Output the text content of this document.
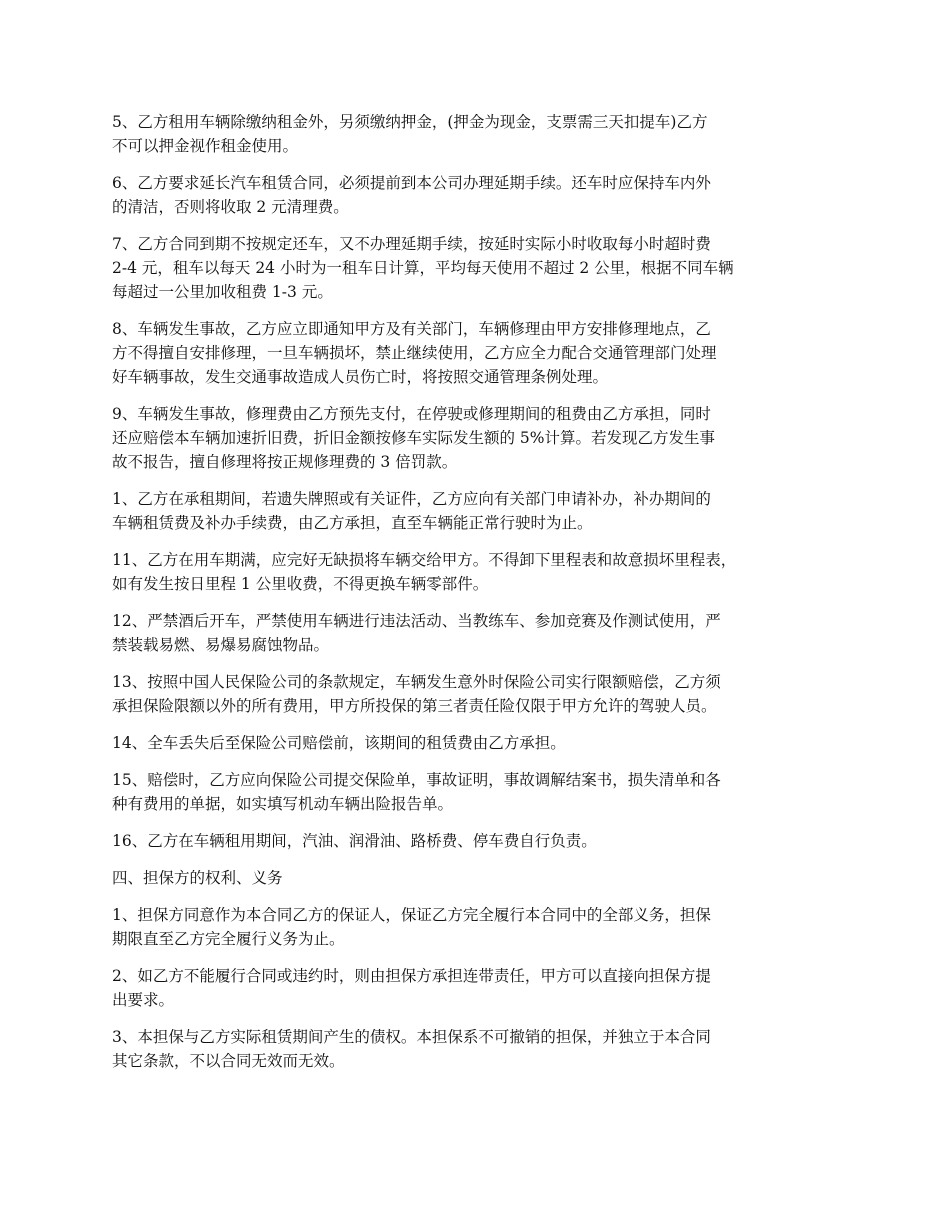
5、乙方租用车辆除缴纳租金外，另须缴纳押金，(押金为现金，支票需三天扣提车)乙方
不可以押金视作租金使用。

6、乙方要求延长汽车租赁合同，必须提前到本公司办理延期手续。还车时应保持车内外
的清洁，否则将收取 2 元清理费。

7、乙方合同到期不按规定还车，又不办理延期手续，按延时实际小时收取每小时超时费
2-4 元，租车以每天 24 小时为一租车日计算，平均每天使用不超过 2 公里，根据不同车辆
每超过一公里加收租费 1-3 元。

8、车辆发生事故，乙方应立即通知甲方及有关部门，车辆修理由甲方安排修理地点，乙
方不得擅自安排修理，一旦车辆损坏，禁止继续使用，乙方应全力配合交通管理部门处理
好车辆事故，发生交通事故造成人员伤亡时，将按照交通管理条例处理。

9、车辆发生事故，修理费由乙方预先支付，在停驶或修理期间的租费由乙方承担，同时
还应赔偿本车辆加速折旧费，折旧金额按修车实际发生额的 5%计算。若发现乙方发生事
故不报告，擅自修理将按正规修理费的 3 倍罚款。

1、乙方在承租期间，若遗失牌照或有关证件，乙方应向有关部门申请补办，补办期间的
车辆租赁费及补办手续费，由乙方承担，直至车辆能正常行驶时为止。

11、乙方在用车期满，应完好无缺损将车辆交给甲方。不得卸下里程表和故意损坏里程表，
如有发生按日里程 1 公里收费，不得更换车辆零部件。

12、严禁酒后开车，严禁使用车辆进行违法活动、当教练车、参加竞赛及作测试使用，严
禁装载易燃、易爆易腐蚀物品。

13、按照中国人民保险公司的条款规定，车辆发生意外时保险公司实行限额赔偿，乙方须
承担保险限额以外的所有费用，甲方所投保的第三者责任险仅限于甲方允许的驾驶人员。

14、全车丢失后至保险公司赔偿前，该期间的租赁费由乙方承担。

15、赔偿时，乙方应向保险公司提交保险单，事故证明，事故调解结案书，损失清单和各
种有费用的单据，如实填写机动车辆出险报告单。

16、乙方在车辆租用期间，汽油、润滑油、路桥费、停车费自行负责。

四、担保方的权利、义务

1、担保方同意作为本合同乙方的保证人，保证乙方完全履行本合同中的全部义务，担保
期限直至乙方完全履行义务为止。

2、如乙方不能履行合同或违约时，则由担保方承担连带责任，甲方可以直接向担保方提
出要求。

3、本担保与乙方实际租赁期间产生的债权。本担保系不可撤销的担保，并独立于本合同
其它条款，不以合同无效而无效。
